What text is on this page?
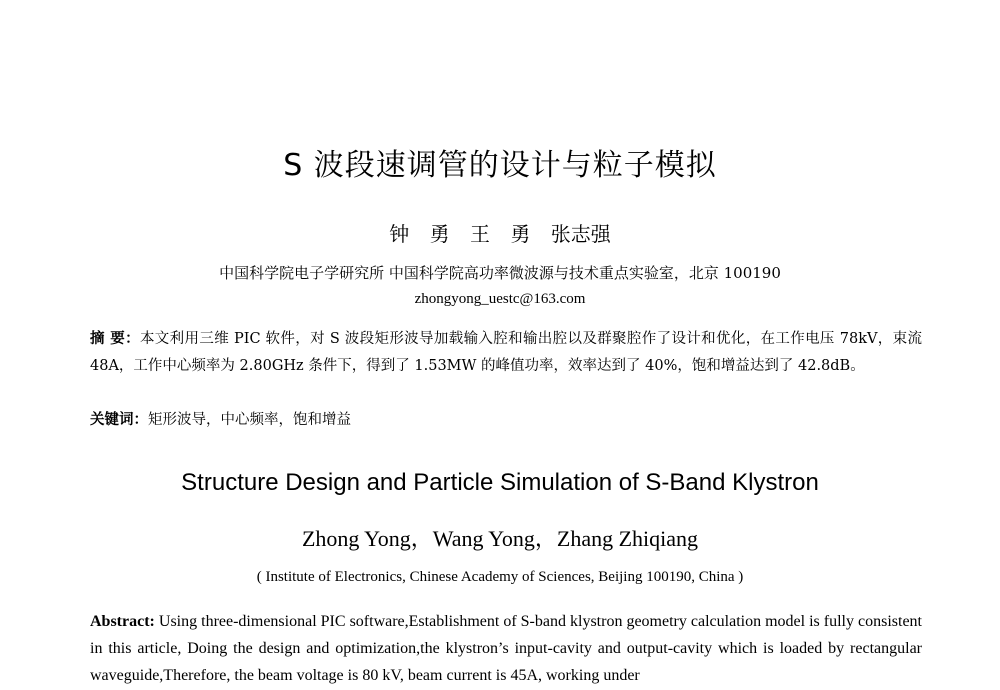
S 波段速调管的设计与粒子模拟
钟 勇 王 勇 张志强
中国科学院电子学研究所 中国科学院高功率微波源与技术重点实验室，北京 100190
zhongyong_uestc@163.com
摘 要：本文利用三维 PIC 软件，对 S 波段矩形波导加载输入腔和输出腔以及群聚腔作了设计和优化，在工作电压 78kV，束流 48A，工作中心频率为 2.80GHz 条件下，得到了 1.53MW 的峰值功率，效率达到了 40%，饱和增益达到了 42.8dB。
关键词：矩形波导，中心频率，饱和增益
Structure Design and Particle Simulation of S-Band Klystron
Zhong Yong，Wang Yong，Zhang Zhiqiang
( Institute of Electronics, Chinese Academy of Sciences, Beijing 100190, China )
Abstract: Using three-dimensional PIC software,Establishment of S-band klystron geometry calculation model is fully consistent in this article, Doing the design and optimization,the klystron’s input-cavity and output-cavity which is loaded by rectangular waveguide,Therefore, the beam voltage is 80 kV, beam current is 45A, working under
